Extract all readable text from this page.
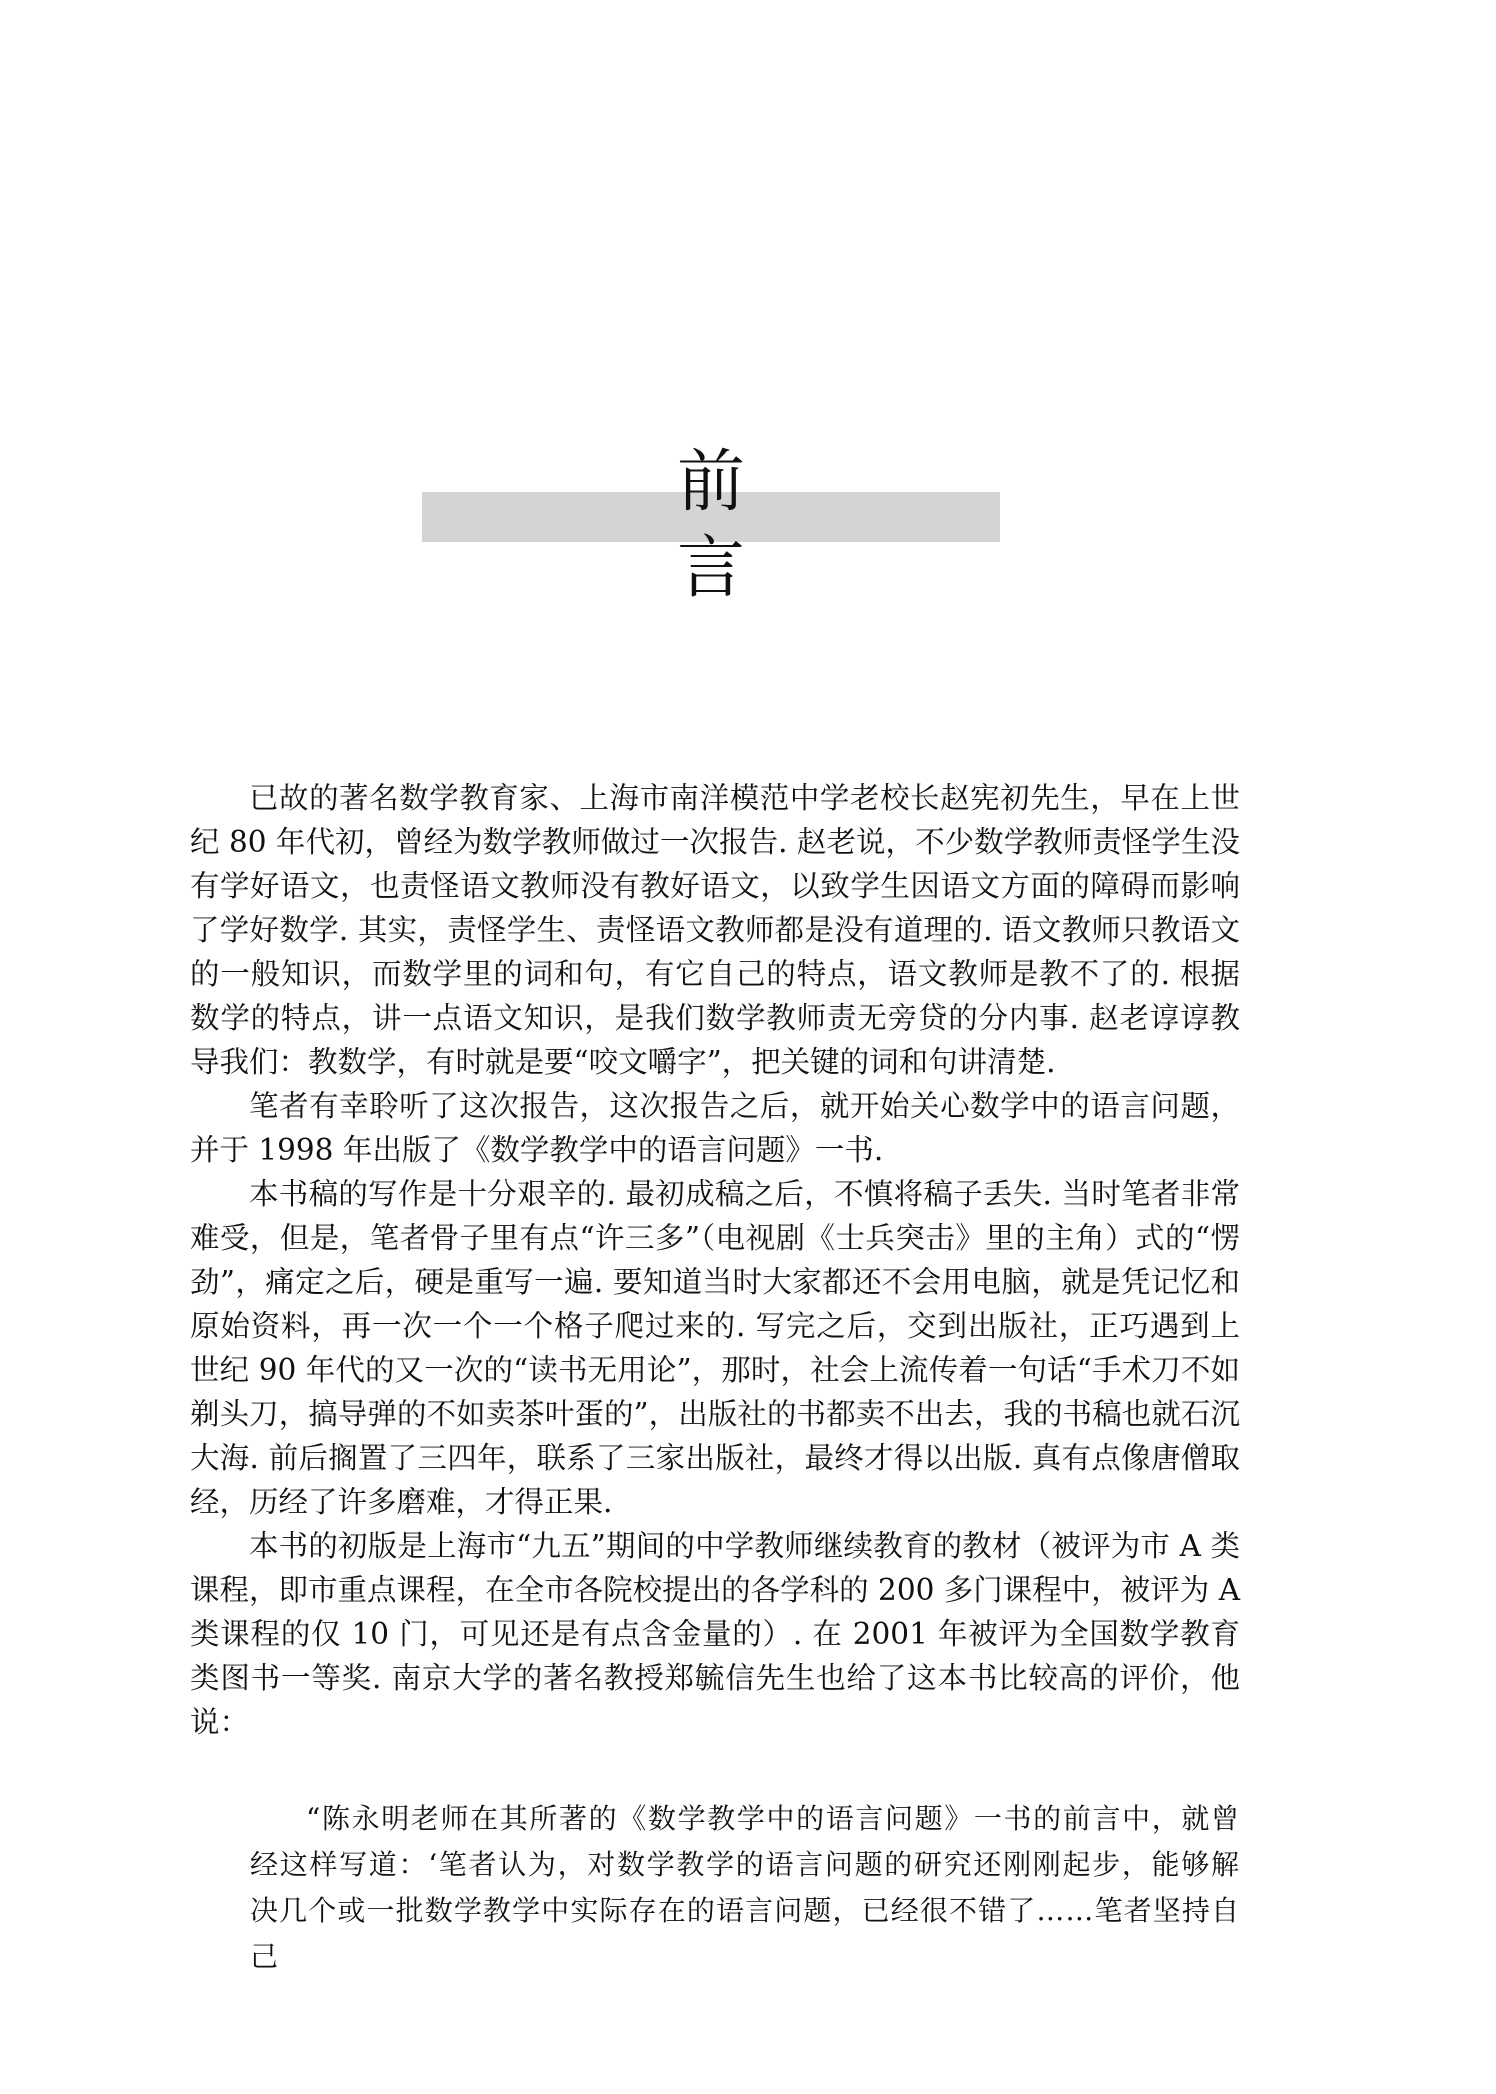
前言

已故的著名数学教育家、上海市南洋模范中学老校长赵宪初先生，早在上世纪 80 年代初，曾经为数学教师做过一次报告. 赵老说，不少数学教师责怪学生没有学好语文，也责怪语文教师没有教好语文，以致学生因语文方面的障碍而影响了学好数学. 其实，责怪学生、责怪语文教师都是没有道理的. 语文教师只教语文的一般知识，而数学里的词和句，有它自己的特点，语文教师是教不了的. 根据数学的特点，讲一点语文知识，是我们数学教师责无旁贷的分内事. 赵老谆谆教导我们：教数学，有时就是要“咬文嚼字”，把关键的词和句讲清楚.

笔者有幸聆听了这次报告，这次报告之后，就开始关心数学中的语言问题，并于 1998 年出版了《数学教学中的语言问题》一书.

本书稿的写作是十分艰辛的. 最初成稿之后，不慎将稿子丢失. 当时笔者非常难受，但是，笔者骨子里有点“许三多”（电视剧《士兵突击》里的主角）式的“愣劲”，痛定之后，硬是重写一遍. 要知道当时大家都还不会用电脑，就是凭记忆和原始资料，再一次一个一个格子爬过来的. 写完之后，交到出版社，正巧遇到上世纪 90 年代的又一次的“读书无用论”，那时，社会上流传着一句话“手术刀不如剃头刀，搞导弹的不如卖茶叶蛋的”，出版社的书都卖不出去，我的书稿也就石沉大海. 前后搁置了三四年，联系了三家出版社，最终才得以出版. 真有点像唐僧取经，历经了许多磨难，才得正果.

本书的初版是上海市“九五”期间的中学教师继续教育的教材（被评为市 A 类课程，即市重点课程，在全市各院校提出的各学科的 200 多门课程中，被评为 A 类课程的仅 10 门，可见还是有点含金量的）. 在 2001 年被评为全国数学教育类图书一等奖. 南京大学的著名教授郑毓信先生也给了这本书比较高的评价，他说：

“陈永明老师在其所著的《数学教学中的语言问题》一书的前言中，就曾经这样写道：‘笔者认为，对数学教学的语言问题的研究还刚刚起步，能够解决几个或一批数学教学中实际存在的语言问题，已经很不错了……笔者坚持自己
